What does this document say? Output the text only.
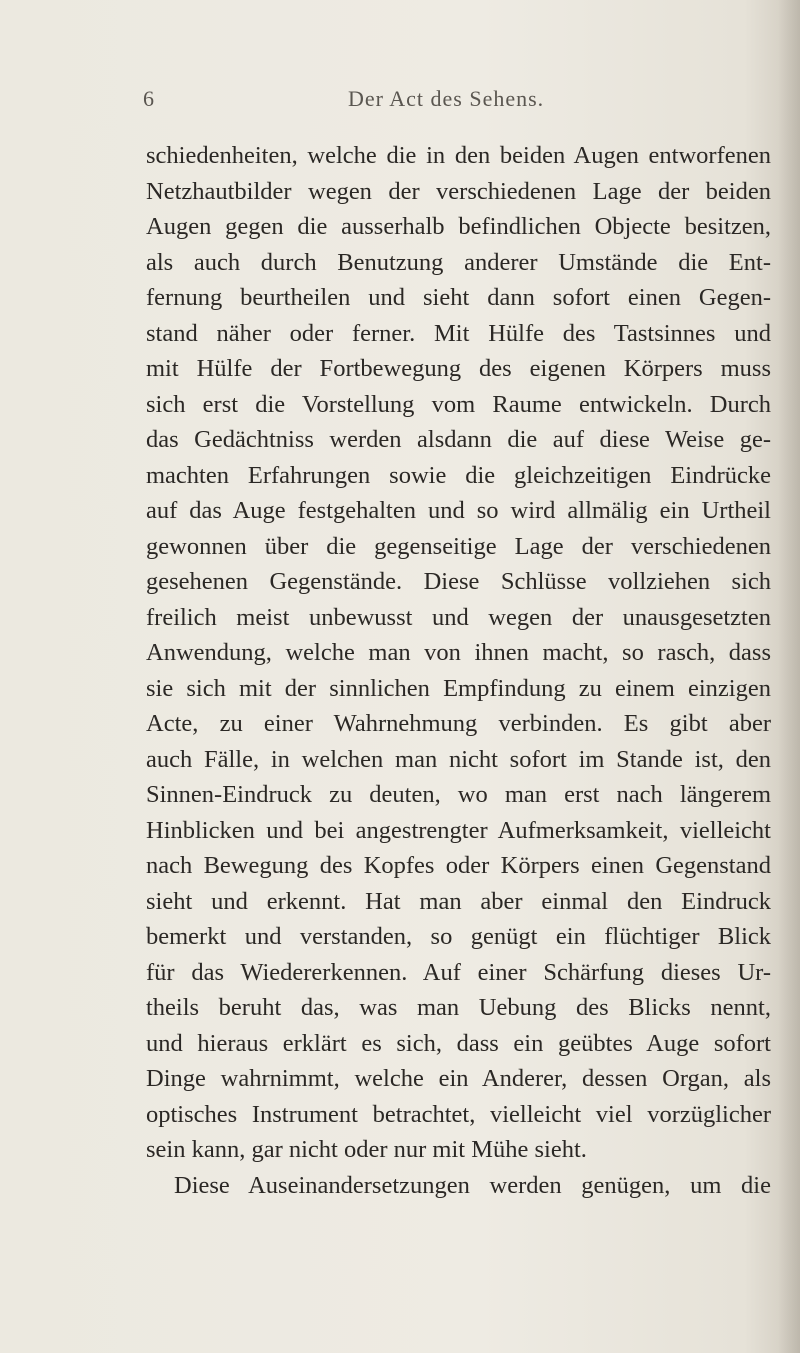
6	Der Act des Sehens.
schiedenheiten, welche die in den beiden Augen entworfenen
Netzhautbilder wegen der verschiedenen Lage der beiden
Augen gegen die ausserhalb befindlichen Objecte besitzen,
als auch durch Benutzung anderer Umstände die Ent-
fernung beurtheilen und sieht dann sofort einen Gegen-
stand näher oder ferner. Mit Hülfe des Tastsinnes und
mit Hülfe der Fortbewegung des eigenen Körpers muss
sich erst die Vorstellung vom Raume entwickeln. Durch
das Gedächtniss werden alsdann die auf diese Weise ge-
machten Erfahrungen sowie die gleichzeitigen Eindrücke
auf das Auge festgehalten und so wird allmälig ein Urtheil
gewonnen über die gegenseitige Lage der verschiedenen
gesehenen Gegenstände. Diese Schlüsse vollziehen sich
freilich meist unbewusst und wegen der unausgesetzten
Anwendung, welche man von ihnen macht, so rasch, dass
sie sich mit der sinnlichen Empfindung zu einem einzigen
Acte, zu einer Wahrnehmung verbinden. Es gibt aber
auch Fälle, in welchen man nicht sofort im Stande ist, den
Sinnen-Eindruck zu deuten, wo man erst nach längerem
Hinblicken und bei angestrengter Aufmerksamkeit, vielleicht
nach Bewegung des Kopfes oder Körpers einen Gegenstand
sieht und erkennt. Hat man aber einmal den Eindruck
bemerkt und verstanden, so genügt ein flüchtiger Blick
für das Wiedererkennen. Auf einer Schärfung dieses Ur-
theils beruht das, was man Uebung des Blicks nennt,
und hieraus erklärt es sich, dass ein geübtes Auge sofort
Dinge wahrnimmt, welche ein Anderer, dessen Organ, als
optisches Instrument betrachtet, vielleicht viel vorzüglicher
sein kann, gar nicht oder nur mit Mühe sieht.
Diese Auseinandersetzungen werden genügen, um die
